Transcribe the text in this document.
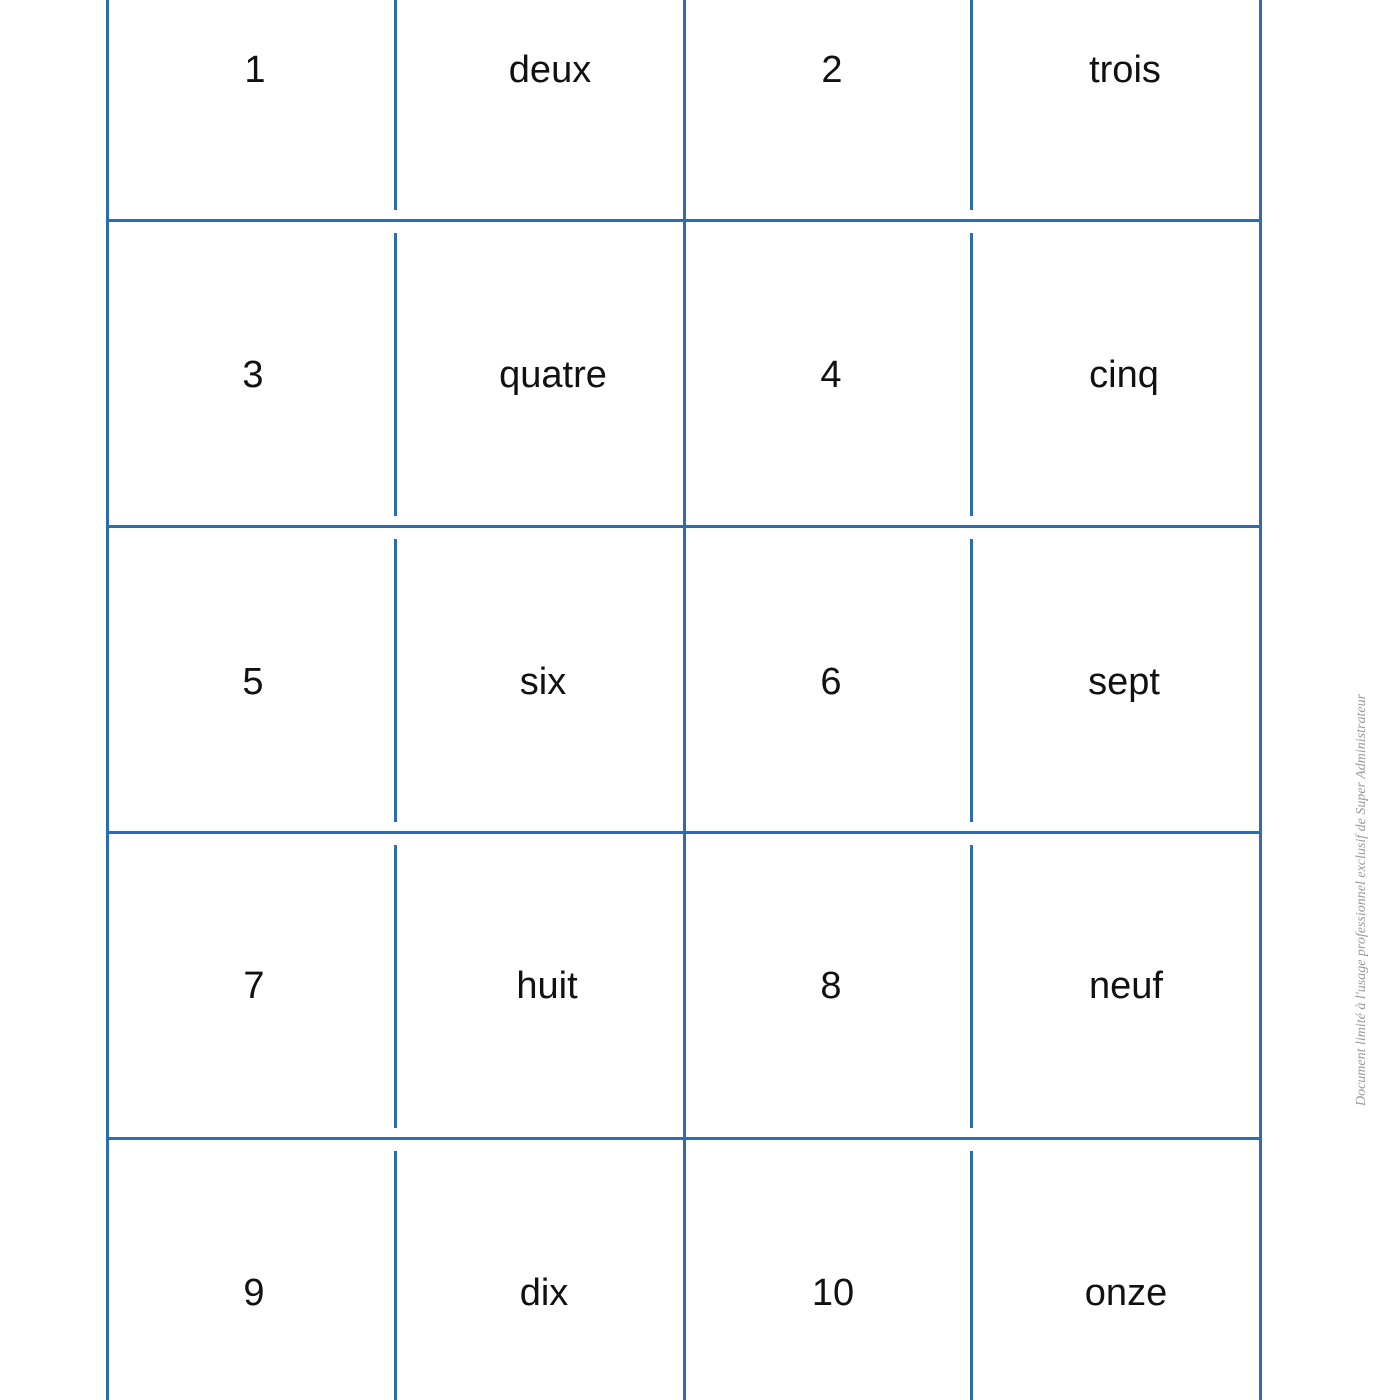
1	deux	2	trois
3	quatre	4	cinq
5	six	6	sept
7	huit	8	neuf
9	dix	10	onze
Document limité à l'usage professionnel exclusif de Super Administrateur
